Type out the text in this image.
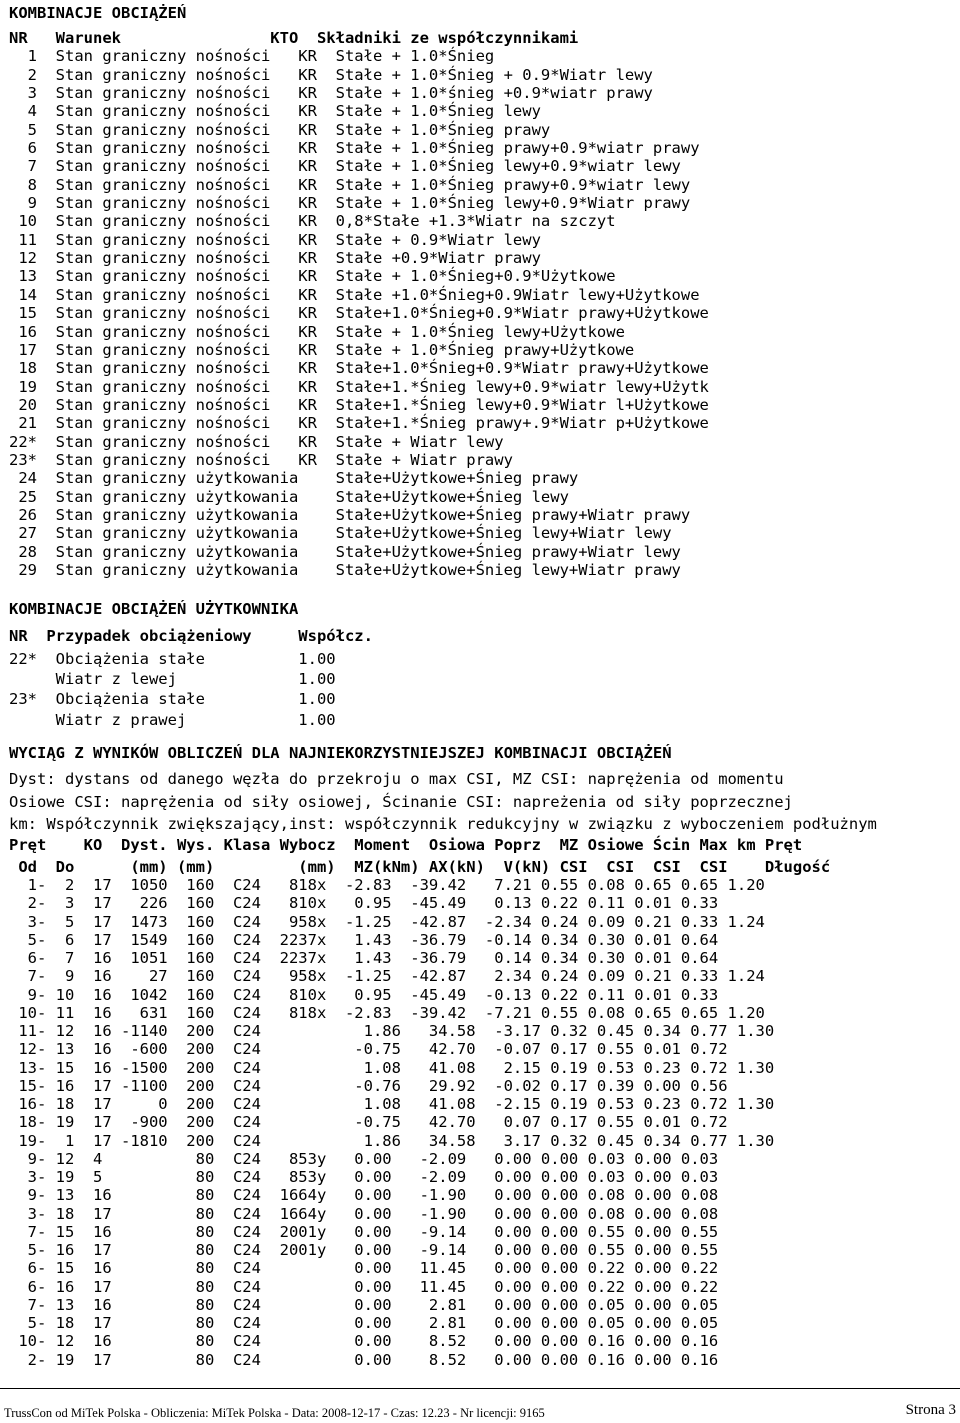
KOMBINACJE OBCIĄŻEŃ
NR   Warunek                KTO  Składniki ze współczynnikami
1  Stan graniczny nośności   KR  Stałe + 1.0*Śnieg
2  Stan graniczny nośności   KR  Stałe + 1.0*Śnieg + 0.9*Wiatr lewy
3  Stan graniczny nośności   KR  Stałe + 1.0*śnieg +0.9*wiatr prawy
4  Stan graniczny nośności   KR  Stałe + 1.0*Śnieg lewy
5  Stan graniczny nośności   KR  Stałe + 1.0*Śnieg prawy
6  Stan graniczny nośności   KR  Stałe + 1.0*Śnieg prawy+0.9*wiatr prawy
7  Stan graniczny nośności   KR  Stałe + 1.0*Śnieg lewy+0.9*wiatr lewy
8  Stan graniczny nośności   KR  Stałe + 1.0*Śnieg prawy+0.9*wiatr lewy
9  Stan graniczny nośności   KR  Stałe + 1.0*Śnieg lewy+0.9*Wiatr prawy
10  Stan graniczny nośności   KR  0,8*Stałe +1.3*Wiatr na szczyt
11  Stan graniczny nośności   KR  Stałe + 0.9*Wiatr lewy
12  Stan graniczny nośności   KR  Stałe +0.9*Wiatr prawy
13  Stan graniczny nośności   KR  Stałe + 1.0*Śnieg+0.9*Użytkowe
14  Stan graniczny nośności   KR  Stałe +1.0*Śnieg+0.9Wiatr lewy+Użytkowe
15  Stan graniczny nośności   KR  Stałe+1.0*Śnieg+0.9*Wiatr prawy+Użytkowe
16  Stan graniczny nośności   KR  Stałe + 1.0*Śnieg lewy+Użytkowe
17  Stan graniczny nośności   KR  Stałe + 1.0*Śnieg prawy+Użytkowe
18  Stan graniczny nośności   KR  Stałe+1.0*Śnieg+0.9*Wiatr prawy+Użytkowe
19  Stan graniczny nośności   KR  Stałe+1.*Śnieg lewy+0.9*wiatr lewy+Użytk
20  Stan graniczny nośności   KR  Stałe+1.*Śnieg lewy+0.9*Wiatr l+Użytkowe
21  Stan graniczny nośności   KR  Stałe+1.*Śnieg prawy+.9*Wiatr p+Użytkowe
22*  Stan graniczny nośności   KR  Stałe + Wiatr lewy
23*  Stan graniczny nośności   KR  Stałe + Wiatr prawy
24  Stan graniczny użytkowania    Stałe+Użytkowe+Śnieg prawy
25  Stan graniczny użytkowania    Stałe+Użytkowe+Śnieg lewy
26  Stan graniczny użytkowania    Stałe+Użytkowe+Śnieg prawy+Wiatr prawy
27  Stan graniczny użytkowania    Stałe+Użytkowe+Śnieg lewy+Wiatr lewy
28  Stan graniczny użytkowania    Stałe+Użytkowe+Śnieg prawy+Wiatr lewy
29  Stan graniczny użytkowania    Stałe+Użytkowe+Śnieg lewy+Wiatr prawy
KOMBINACJE OBCIĄŻEŃ UŻYTKOWNIKA
NR  Przypadek obciążeniowy     Współcz.
22*  Obciążenia stałe          1.00
Wiatr z lewej             1.00
23*  Obciążenia stałe          1.00
Wiatr z prawej            1.00
WYCIĄG Z WYNIKÓW OBLICZEŃ DLA NAJNIEKORZYSTNIEJSZEJ KOMBINACJI OBCIĄŻEŃ
Dyst: dystans od danego węzła do przekroju o max CSI, MZ CSI: naprężenia od momentu
Osiowe CSI: naprężenia od siły osiowej, Ścinanie CSI: napreżenia od siły poprzecznej
km: Współczynnik zwiększający,inst: współczynnik redukcyjny w związku z wyboczeniem podłużnym
Pręt    KO  Dyst. Wys. Klasa Wybocz  Moment  Osiowa Poprz  MZ Osiowe Ścin Max km Pręt
Od  Do      (mm) (mm)         (mm)  MZ(kNm) AX(kN)  V(kN) CSI  CSI  CSI  CSI    Długość
1-  2  17  1050  160  C24   818x  -2.83  -39.42   7.21 0.55 0.08 0.65 0.65 1.20
2-  3  17   226  160  C24   810x   0.95  -45.49   0.13 0.22 0.11 0.01 0.33
3-  5  17  1473  160  C24   958x  -1.25  -42.87  -2.34 0.24 0.09 0.21 0.33 1.24
5-  6  17  1549  160  C24  2237x   1.43  -36.79  -0.14 0.34 0.30 0.01 0.64
6-  7  16  1051  160  C24  2237x   1.43  -36.79   0.14 0.34 0.30 0.01 0.64
7-  9  16    27  160  C24   958x  -1.25  -42.87   2.34 0.24 0.09 0.21 0.33 1.24
9- 10  16  1042  160  C24   810x   0.95  -45.49  -0.13 0.22 0.11 0.01 0.33
10- 11  16   631  160  C24   818x  -2.83  -39.42  -7.21 0.55 0.08 0.65 0.65 1.20
11- 12  16 -1140  200  C24           1.86   34.58  -3.17 0.32 0.45 0.34 0.77 1.30
12- 13  16  -600  200  C24          -0.75   42.70  -0.07 0.17 0.55 0.01 0.72
13- 15  16 -1500  200  C24           1.08   41.08   2.15 0.19 0.53 0.23 0.72 1.30
15- 16  17 -1100  200  C24          -0.76   29.92  -0.02 0.17 0.39 0.00 0.56
16- 18  17     0  200  C24           1.08   41.08  -2.15 0.19 0.53 0.23 0.72 1.30
18- 19  17  -900  200  C24          -0.75   42.70   0.07 0.17 0.55 0.01 0.72
19-  1  17 -1810  200  C24           1.86   34.58   3.17 0.32 0.45 0.34 0.77 1.30
9- 12  4          80  C24   853y   0.00   -2.09   0.00 0.00 0.03 0.00 0.03
3- 19  5          80  C24   853y   0.00   -2.09   0.00 0.00 0.03 0.00 0.03
9- 13  16         80  C24  1664y   0.00   -1.90   0.00 0.00 0.08 0.00 0.08
3- 18  17         80  C24  1664y   0.00   -1.90   0.00 0.00 0.08 0.00 0.08
7- 15  16         80  C24  2001y   0.00   -9.14   0.00 0.00 0.55 0.00 0.55
5- 16  17         80  C24  2001y   0.00   -9.14   0.00 0.00 0.55 0.00 0.55
6- 15  16         80  C24          0.00   11.45   0.00 0.00 0.22 0.00 0.22
6- 16  17         80  C24          0.00   11.45   0.00 0.00 0.22 0.00 0.22
7- 13  16         80  C24          0.00    2.81   0.00 0.00 0.05 0.00 0.05
5- 18  17         80  C24          0.00    2.81   0.00 0.00 0.05 0.00 0.05
10- 12  16         80  C24          0.00    8.52   0.00 0.00 0.16 0.00 0.16
2- 19  17         80  C24          0.00    8.52   0.00 0.00 0.16 0.00 0.16
TrussCon od MiTek Polska - Obliczenia: MiTek Polska - Data: 2008-12-17 - Czas: 12.23 - Nr licencji: 9165	Strona 3
